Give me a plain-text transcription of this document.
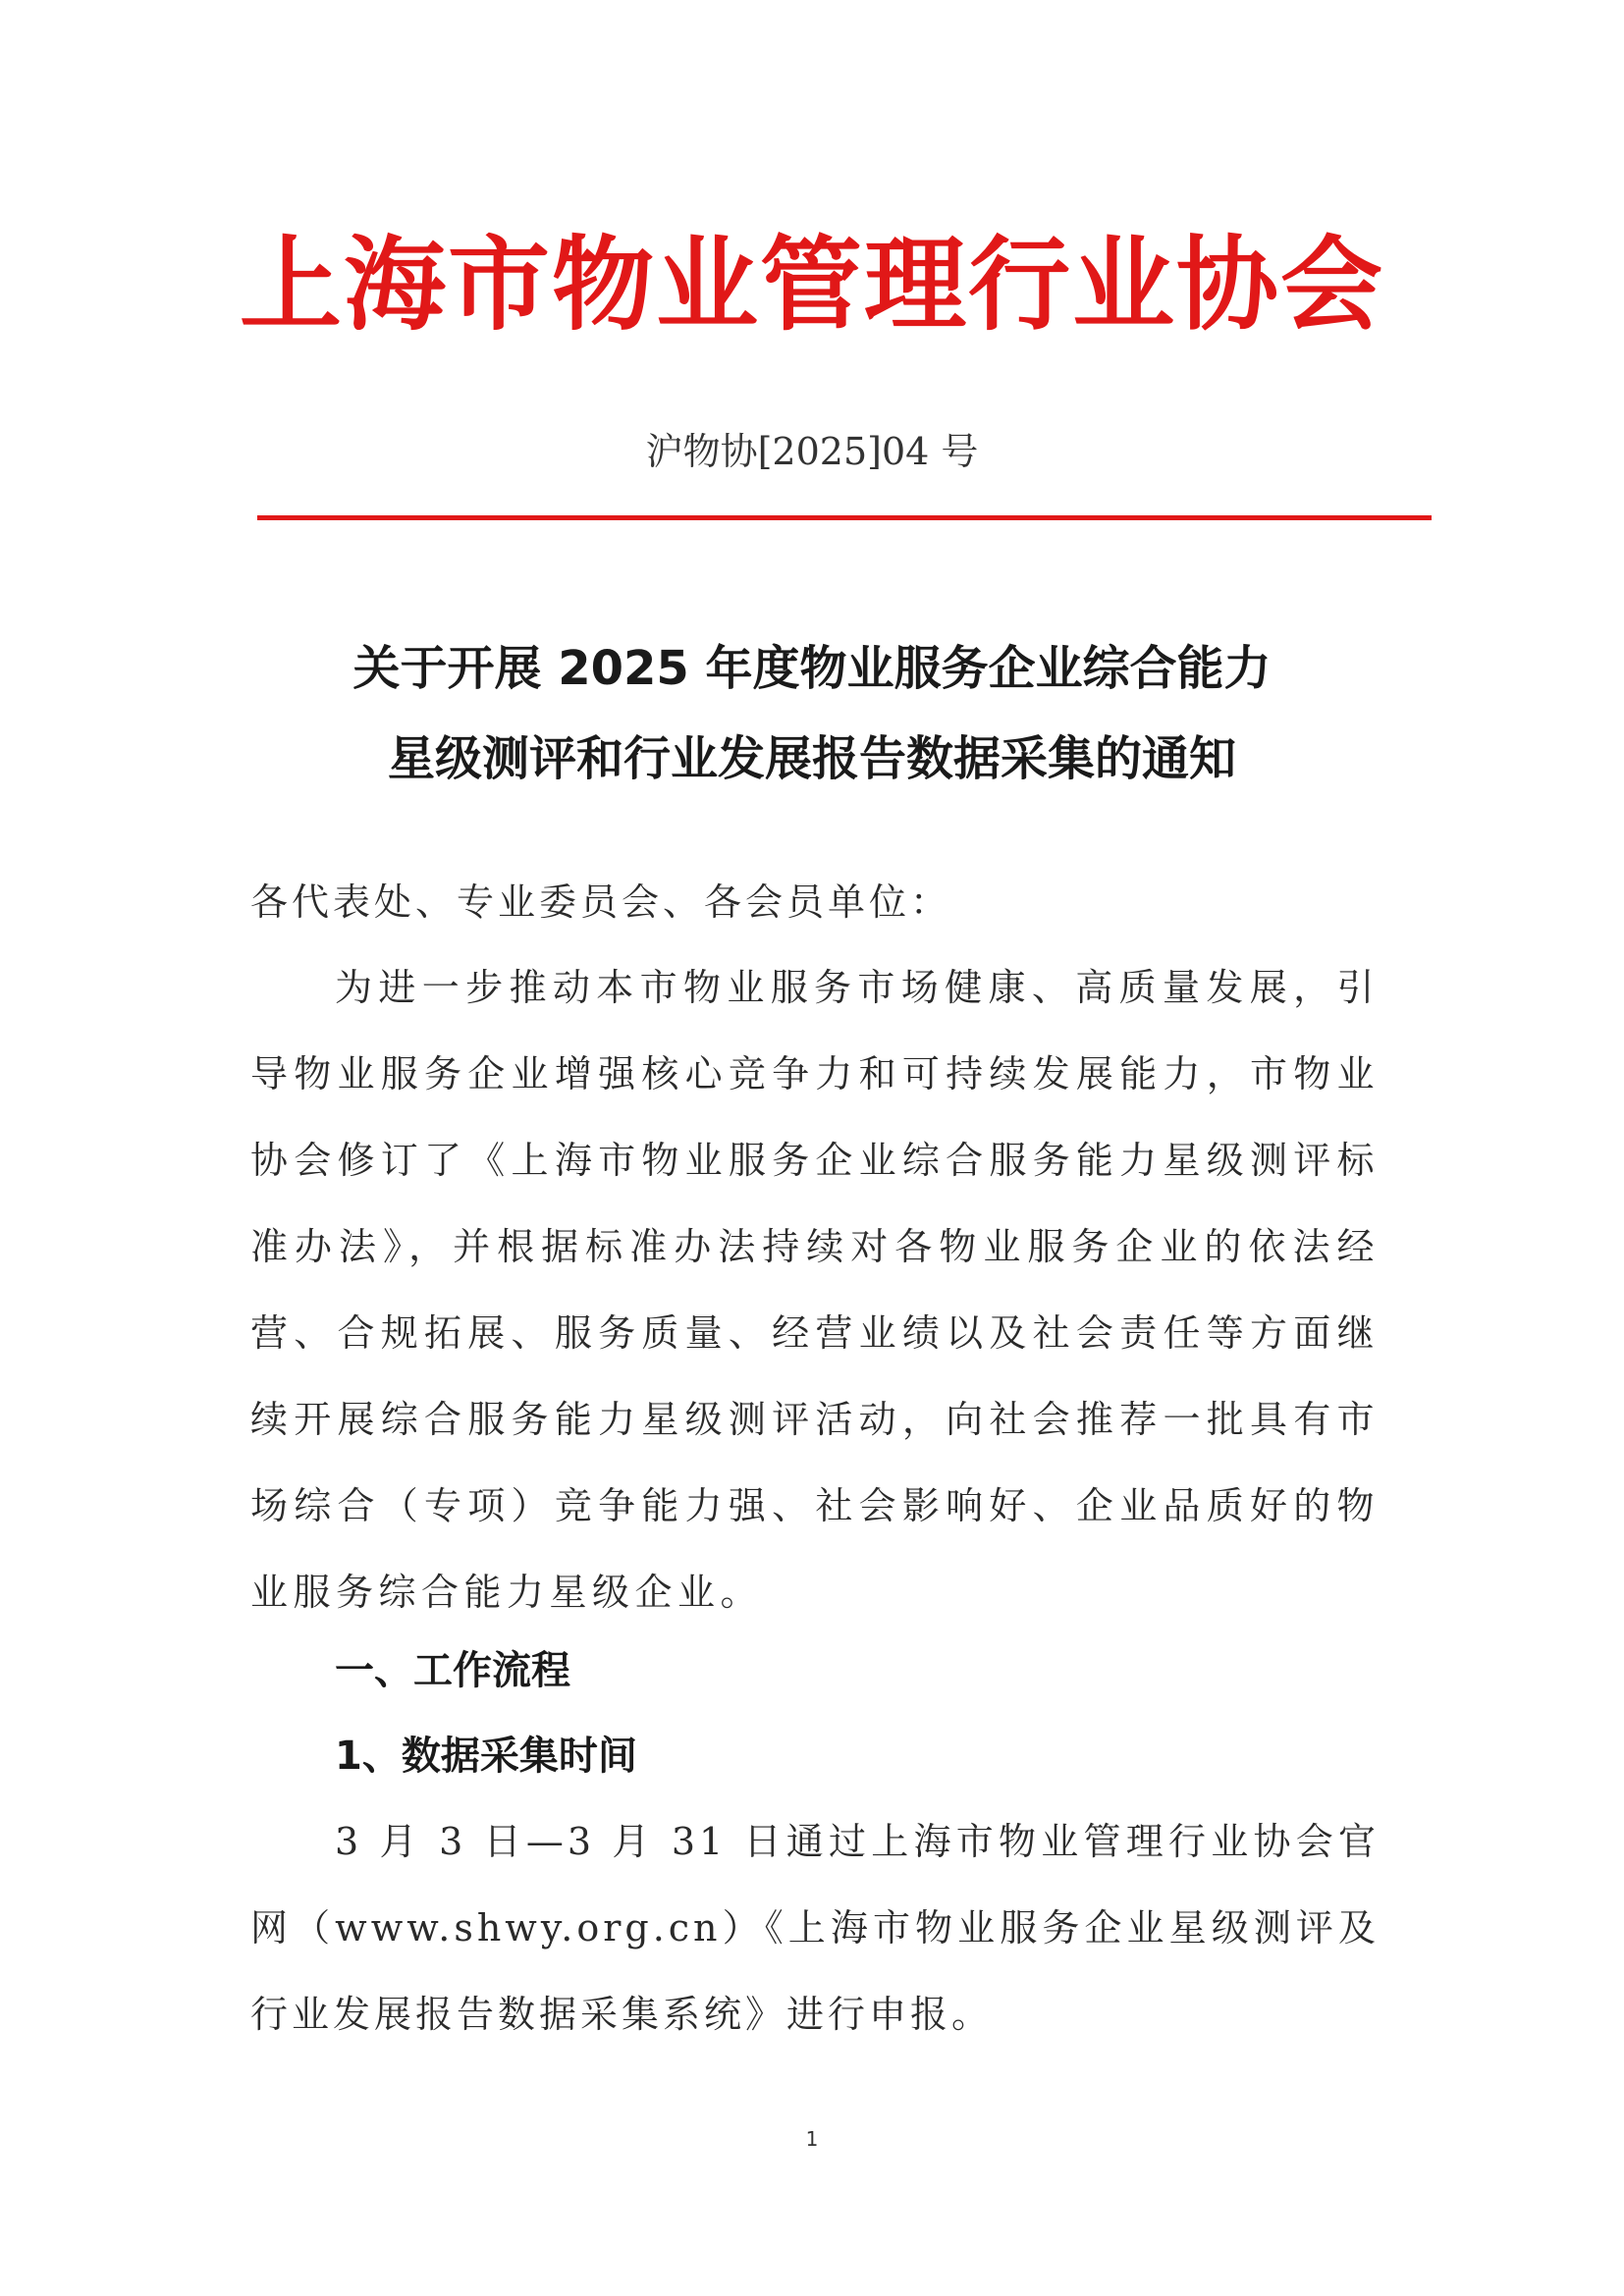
上海市物业管理行业协会
沪物协[2025]04 号
关于开展 2025 年度物业服务企业综合能力
星级测评和行业发展报告数据采集的通知
各代表处、专业委员会、各会员单位：
为进一步推动本市物业服务市场健康、高质量发展，引导物业服务企业增强核心竞争力和可持续发展能力，市物业协会修订了《上海市物业服务企业综合服务能力星级测评标准办法》，并根据标准办法持续对各物业服务企业的依法经营、合规拓展、服务质量、经营业绩以及社会责任等方面继续开展综合服务能力星级测评活动，向社会推荐一批具有市场综合（专项）竞争能力强、社会影响好、企业品质好的物业服务综合能力星级企业。
一、工作流程
1、数据采集时间
3 月 3 日—3 月 31 日通过上海市物业管理行业协会官网（www.shwy.org.cn）《上海市物业服务企业星级测评及行业发展报告数据采集系统》进行申报。
1
